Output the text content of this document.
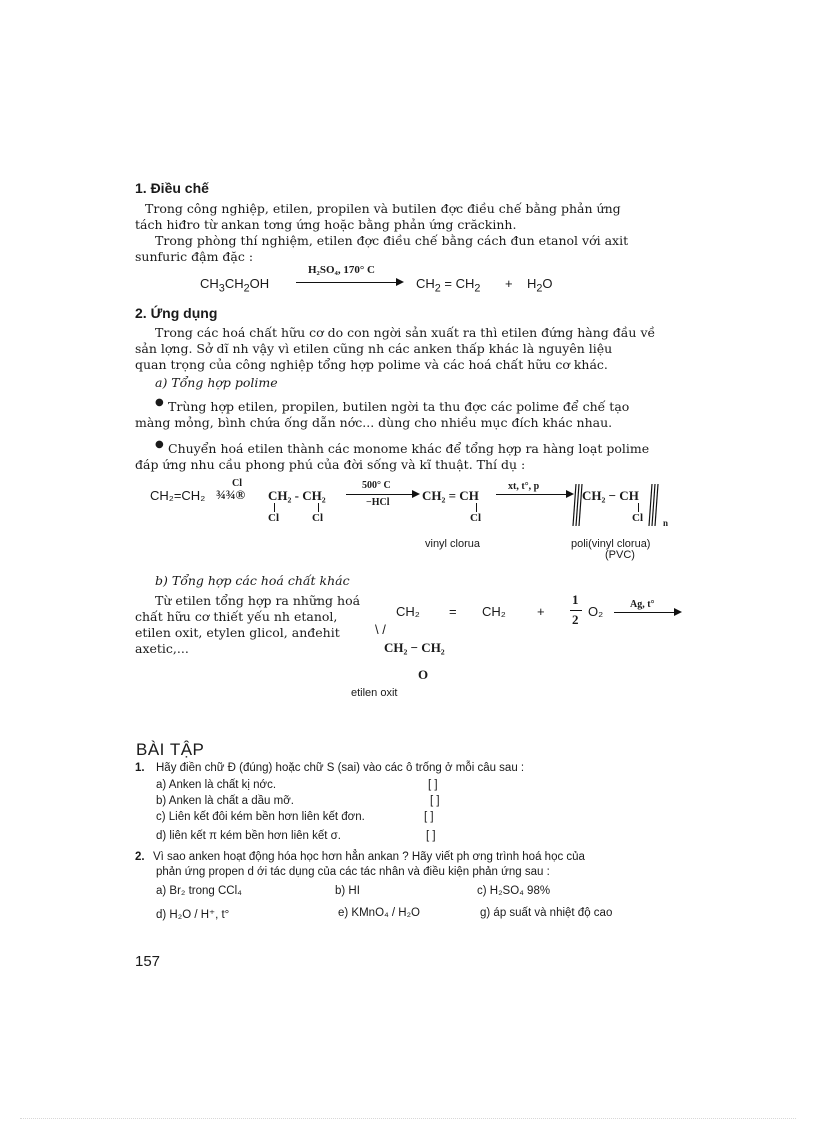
1. Điều chế
Trong công nghiệp, etilen, propilen và butilen đợc điều chế bằng phản ứng
tách hiđro từ ankan tơng ứng hoặc bằng phản ứng crăckinh.
Trong phòng thí nghiệm, etilen đợc điều chế bằng cách đun etanol với axit
sunfuric đậm đặc :
$CH_3CH_2OH$
H₂SO₄, 170° C
$CH_2 = CH_2 + H_2O$
2. Ứng dụng
Trong các hoá chất hữu cơ do con ngời sản xuất ra thì etilen đứng hàng đầu về
sản lợng. Sở dĩ nh vậy vì etilen cũng nh các anken thấp khác là nguyên liệu
quan trọng của công nghiệp tổng hợp polime và các hoá chất hữu cơ khác.
a) Tổng hợp polime
● Trùng hợp etilen, propilen, butilen ngời ta thu đợc các polime để chế tạo
màng mỏng, bình chứa ống dẫn nớc... dùng cho nhiều mục đích khác nhau.
● Chuyển hoá etilen thành các monome khác để tổng hợp ra hàng loạt polime
đáp ứng nhu cầu phong phú của đời sống và kĩ thuật. Thí dụ :
CH₂=CH₂ ¾¾®
Cl
CH₂ - CH₂
Cl	Cl
500° C
−HCl	CH₂ = CH
Cl
xt, t°, p
CH₂ − CH
Cl n
vinyl clorua	poli(vinyl clorua)
(PVC)
b) Tổng hợp các hoá chất khác
Từ etilen tổng hợp ra những hoá
chất hữu cơ thiết yếu nh etanol,
etilen oxit, etylen glicol, anđehit
axetic,...
CH₂ = CH₂ +
1
2
O₂	Ag, t°
\ /
CH₂ − CH₂
O
etilen oxit
BÀI TẬP
1. Hãy điền chữ Đ (đúng) hoặc chữ S (sai) vào các ô trống ở mỗi câu sau :
a) Anken là chất kị nớc.	[ ]
b) Anken là chất a dầu mỡ.	[ ]
c) Liên kết đôi kém bền hơn liên kết đơn.	[ ]
d) liên kết π kém bền hơn liên kết σ.	[ ]
2. Vì sao anken hoạt động hóa học hơn hẳn ankan ? Hãy viết ph ơng trình hoá học của
phản ứng propen d ới tác dụng của các tác nhân và điều kiện phản ứng sau :
a) Br₂ trong CCl₄	b) HI	c) H₂SO₄ 98%
d) H₂O / H⁺, t°	e) KMnO₄ / H₂O	g) áp suất và nhiệt độ cao
157
